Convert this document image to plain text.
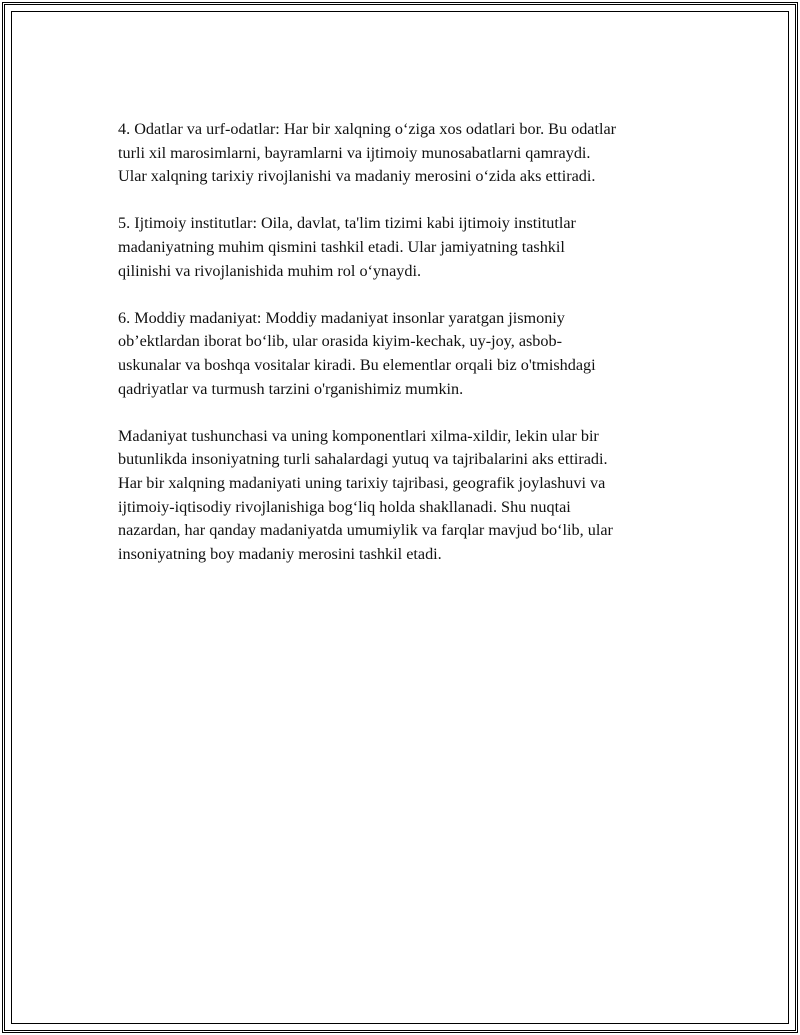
4. Odatlar va urf-odatlar: Har bir xalqning o‘ziga xos odatlari bor. Bu odatlar
turli xil marosimlarni, bayramlarni va ijtimoiy munosabatlarni qamraydi.
Ular xalqning tarixiy rivojlanishi va madaniy merosini o‘zida aks ettiradi.

5. Ijtimoiy institutlar: Oila, davlat, ta'lim tizimi kabi ijtimoiy institutlar
madaniyatning muhim qismini tashkil etadi. Ular jamiyatning tashkil
qilinishi va rivojlanishida muhim rol o‘ynaydi.

6. Moddiy madaniyat: Moddiy madaniyat insonlar yaratgan jismoniy
ob’ektlardan iborat bo‘lib, ular orasida kiyim-kechak, uy-joy, asbob-
uskunalar va boshqa vositalar kiradi. Bu elementlar orqali biz o'tmishdagi
qadriyatlar va turmush tarzini o'rganishimiz mumkin.

Madaniyat tushunchasi va uning komponentlari xilma-xildir, lekin ular bir
butunlikda insoniyatning turli sahalardagi yutuq va tajribalarini aks ettiradi.
Har bir xalqning madaniyati uning tarixiy tajribasi, geografik joylashuvi va
ijtimoiy-iqtisodiy rivojlanishiga bog‘liq holda shakllanadi. Shu nuqtai
nazardan, har qanday madaniyatda umumiylik va farqlar mavjud bo‘lib, ular
insoniyatning boy madaniy merosini tashkil etadi.
